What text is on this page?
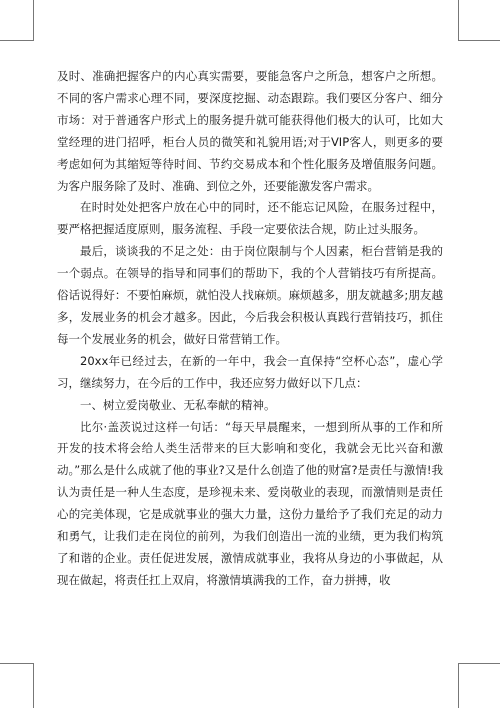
及时、准确把握客户的内心真实需要，要能急客户之所急，想客户之所想。不同的客户需求心理不同，要深度挖掘、动态跟踪。我们要区分客户、细分市场：对于普通客户形式上的服务提升就可能获得他们极大的认可，比如大堂经理的进门招呼，柜台人员的微笑和礼貌用语;对于VIP客人，则更多的要考虑如何为其缩短等待时间、节约交易成本和个性化服务及增值服务问题。为客户服务除了及时、准确、到位之外，还要能激发客户需求。

在时时处处把客户放在心中的同时，还不能忘记风险，在服务过程中，要严格把握适度原则，服务流程、手段一定要依法合规，防止过头服务。

最后，谈谈我的不足之处：由于岗位限制与个人因素，柜台营销是我的一个弱点。在领导的指导和同事们的帮助下，我的个人营销技巧有所提高。俗话说得好：不要怕麻烦，就怕没人找麻烦。麻烦越多，朋友就越多;朋友越多，发展业务的机会才越多。因此，今后我会积极认真践行营销技巧，抓住每一个发展业务的机会，做好日常营销工作。

20xx年已经过去，在新的一年中，我会一直保持“空杯心态”，虚心学习，继续努力，在今后的工作中，我还应努力做好以下几点：

一、树立爱岗敬业、无私奉献的精神。

比尔·盖茨说过这样一句话：“每天早晨醒来，一想到所从事的工作和所开发的技术将会给人类生活带来的巨大影响和变化，我就会无比兴奋和激动。”那么是什么成就了他的事业?又是什么创造了他的财富?是责任与激情!我认为责任是一种人生态度，是珍视未来、爱岗敬业的表现，而激情则是责任心的完美体现，它是成就事业的强大力量，这份力量给予了我们充足的动力和勇气，让我们走在岗位的前列，为我们创造出一流的业绩，更为我们构筑了和谐的企业。责任促进发展，激情成就事业，我将从身边的小事做起，从现在做起，将责任扛上双肩，将激情填满我的工作，奋力拼搏，收
